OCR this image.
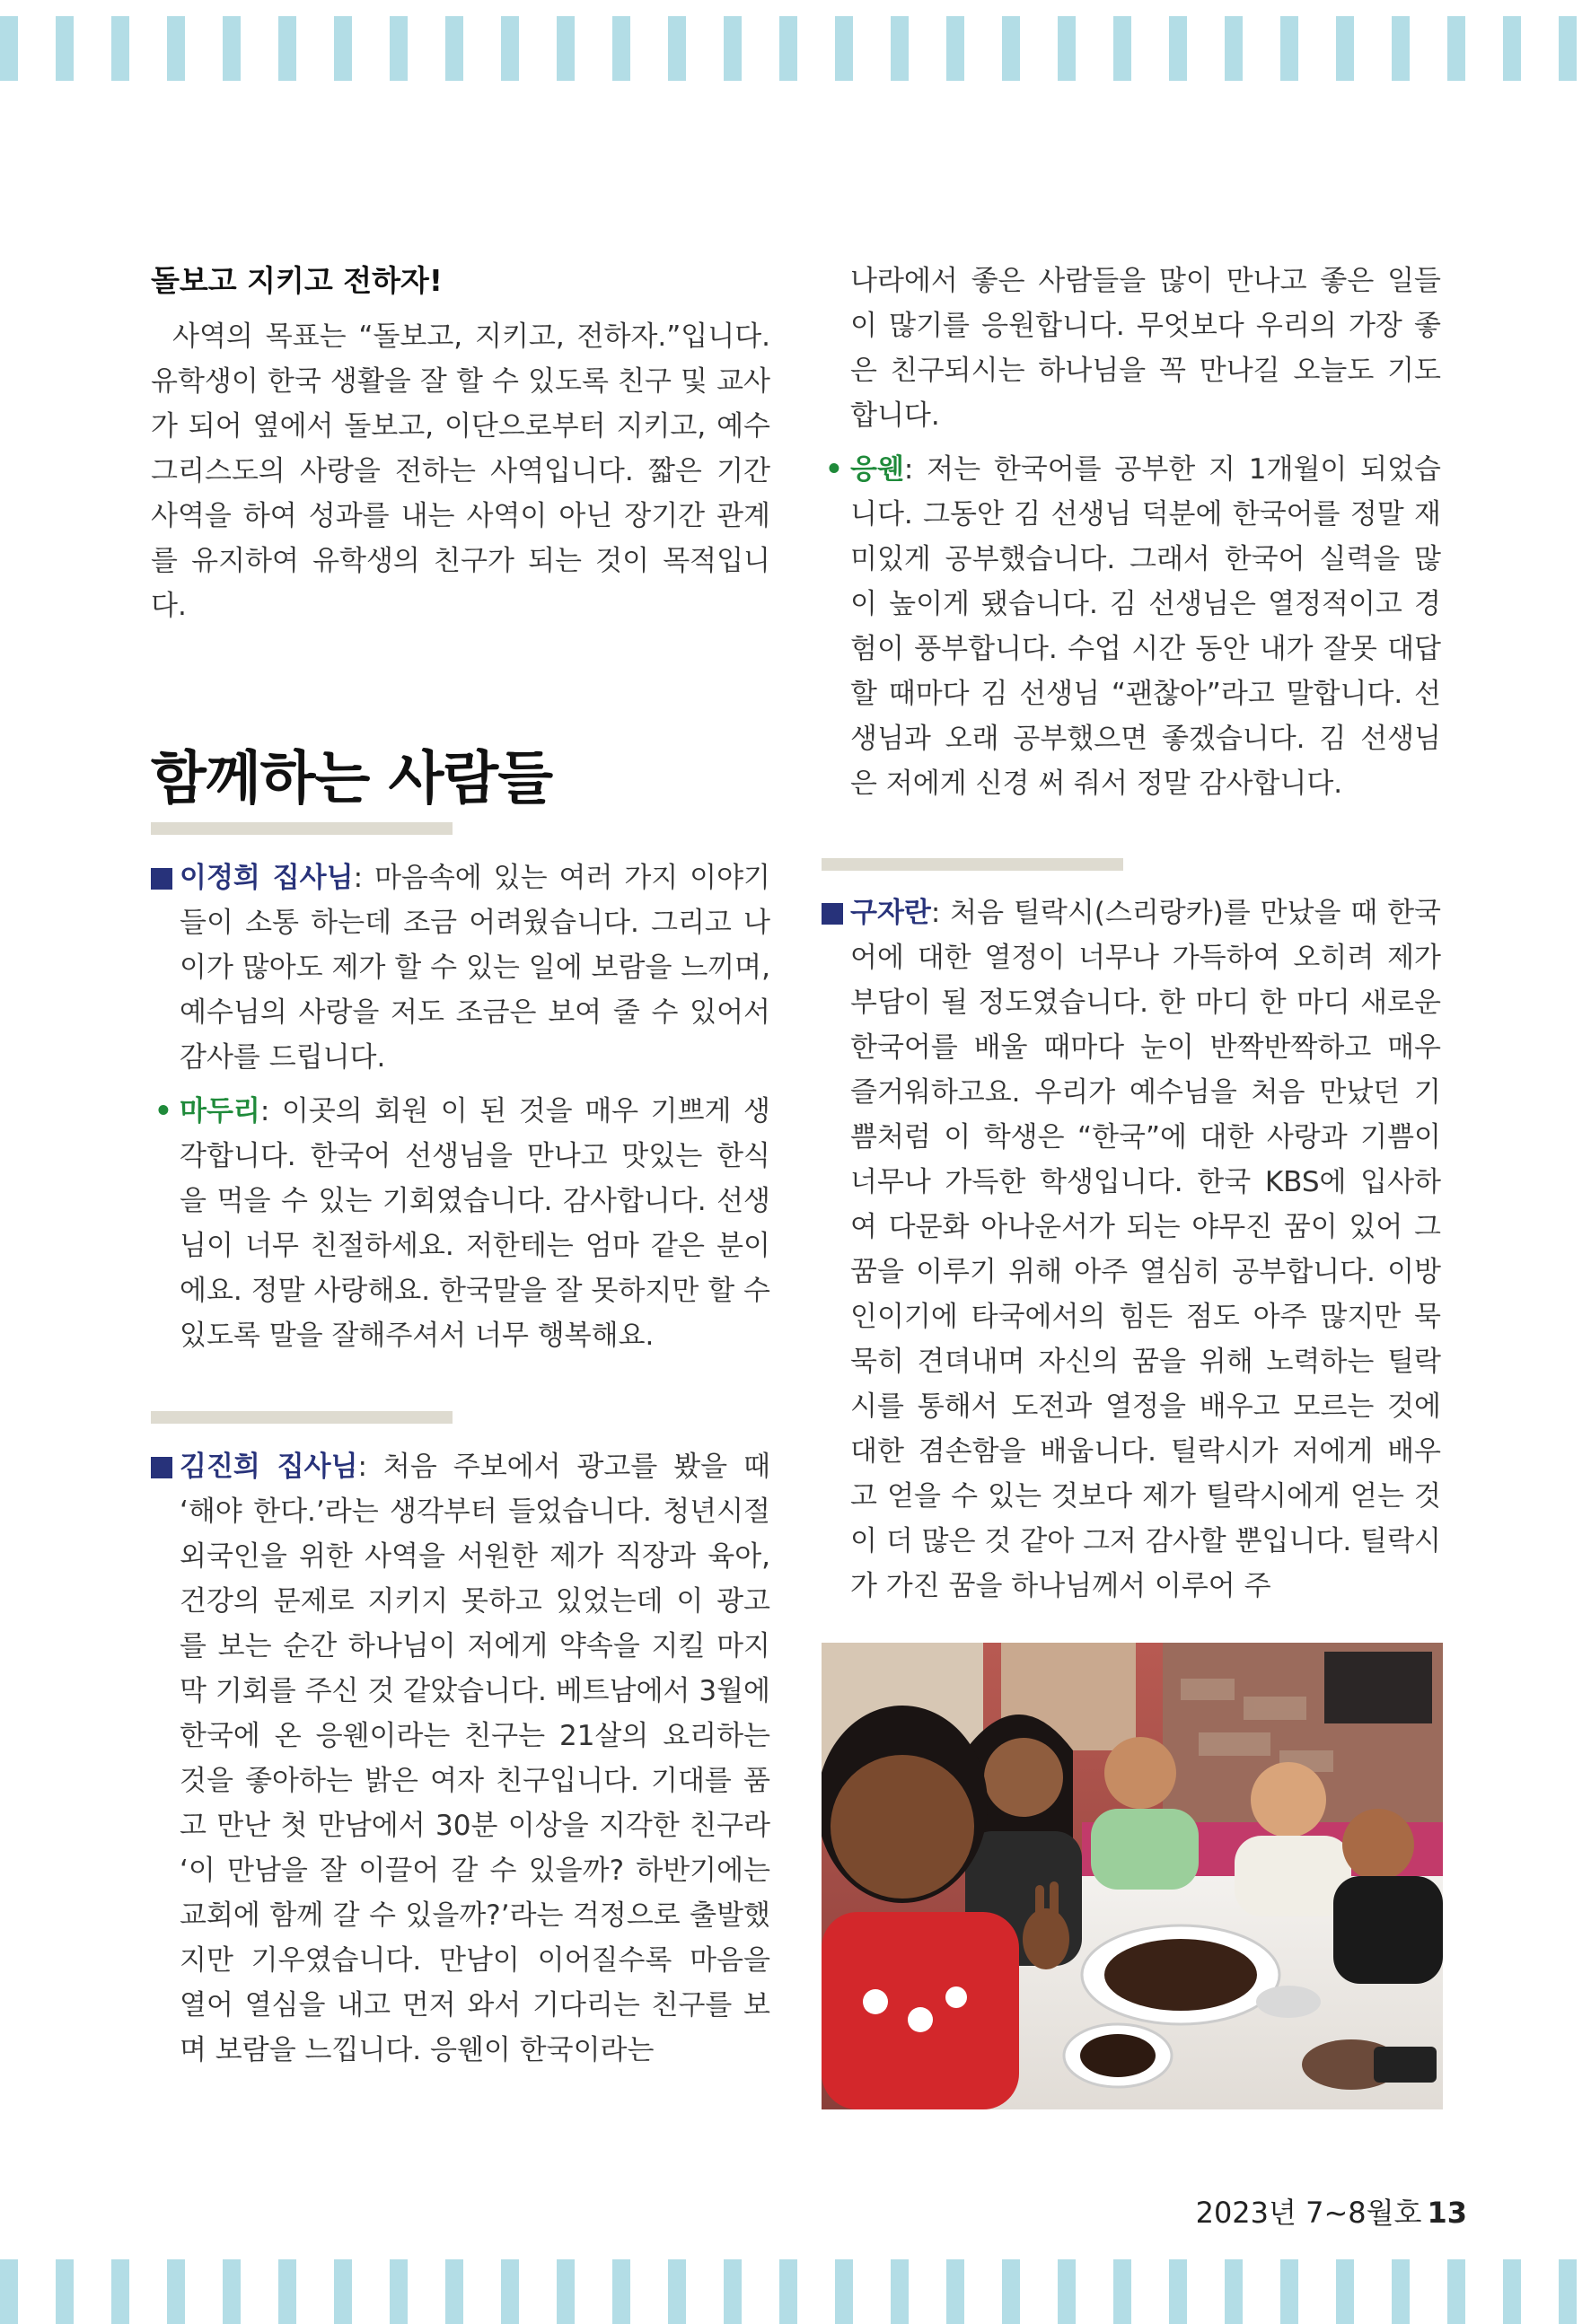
돌보고 지키고 전하자!

사역의 목표는 “돌보고, 지키고, 전하자.”입니다. 유학생이 한국 생활을 잘 할 수 있도록 친구 및 교사가 되어 옆에서 돌보고, 이단으로부터 지키고, 예수 그리스도의 사랑을 전하는 사역입니다. 짧은 기간 사역을 하여 성과를 내는 사역이 아닌 장기간 관계를 유지하여 유학생의 친구가 되는 것이 목적입니다.

함께하는 사람들

이정희 집사님: 마음속에 있는 여러 가지 이야기들이 소통 하는데 조금 어려웠습니다. 그리고 나이가 많아도 제가 할 수 있는 일에 보람을 느끼며, 예수님의 사랑을 저도 조금은 보여 줄 수 있어서 감사를 드립니다.

• 마두리: 이곳의 회원 이 된 것을 매우 기쁘게 생각합니다. 한국어 선생님을 만나고 맛있는 한식을 먹을 수 있는 기회였습니다. 감사합니다. 선생님이 너무 친절하세요. 저한테는 엄마 같은 분이에요. 정말 사랑해요. 한국말을 잘 못하지만 할 수 있도록 말을 잘해주셔서 너무 행복해요.

김진희 집사님: 처음 주보에서 광고를 봤을 때 ‘해야 한다.’라는 생각부터 들었습니다. 청년시절 외국인을 위한 사역을 서원한 제가 직장과 육아, 건강의 문제로 지키지 못하고 있었는데 이 광고를 보는 순간 하나님이 저에게 약속을 지킬 마지막 기회를 주신 것 같았습니다. 베트남에서 3월에 한국에 온 응웬이라는 친구는 21살의 요리하는 것을 좋아하는 밝은 여자 친구입니다. 기대를 품고 만난 첫 만남에서 30분 이상을 지각한 친구라 ‘이 만남을 잘 이끌어 갈 수 있을까? 하반기에는 교회에 함께 갈 수 있을까?’라는 걱정으로 출발했지만 기우였습니다. 만남이 이어질수록 마음을 열어 열심을 내고 먼저 와서 기다리는 친구를 보며 보람을 느낍니다. 응웬이 한국이라는

나라에서 좋은 사람들을 많이 만나고 좋은 일들이 많기를 응원합니다. 무엇보다 우리의 가장 좋은 친구되시는 하나님을 꼭 만나길 오늘도 기도합니다.

• 응웬: 저는 한국어를 공부한 지 1개월이 되었습니다. 그동안 김 선생님 덕분에 한국어를 정말 재미있게 공부했습니다. 그래서 한국어 실력을 많이 높이게 됐습니다. 김 선생님은 열정적이고 경험이 풍부합니다. 수업 시간 동안 내가 잘못 대답 할 때마다 김 선생님 “괜찮아”라고 말합니다. 선생님과 오래 공부했으면 좋겠습니다. 김 선생님은 저에게 신경 써 줘서 정말 감사합니다.

구자란: 처음 틸락시(스리랑카)를 만났을 때 한국어에 대한 열정이 너무나 가득하여 오히려 제가 부담이 될 정도였습니다. 한 마디 한 마디 새로운 한국어를 배울 때마다 눈이 반짝반짝하고 매우 즐거워하고요. 우리가 예수님을 처음 만났던 기쁨처럼 이 학생은 “한국”에 대한 사랑과 기쁨이 너무나 가득한 학생입니다. 한국 KBS에 입사하여 다문화 아나운서가 되는 야무진 꿈이 있어 그 꿈을 이루기 위해 아주 열심히 공부합니다. 이방인이기에 타국에서의 힘든 점도 아주 많지만 묵묵히 견뎌내며 자신의 꿈을 위해 노력하는 틸락시를 통해서 도전과 열정을 배우고 모르는 것에 대한 겸손함을 배웁니다. 틸락시가 저에게 배우고 얻을 수 있는 것보다 제가 틸락시에게 얻는 것이 더 많은 것 같아 그저 감사할 뿐입니다. 틸락시가 가진 꿈을 하나님께서 이루어 주

2023년 7~8월호 13
